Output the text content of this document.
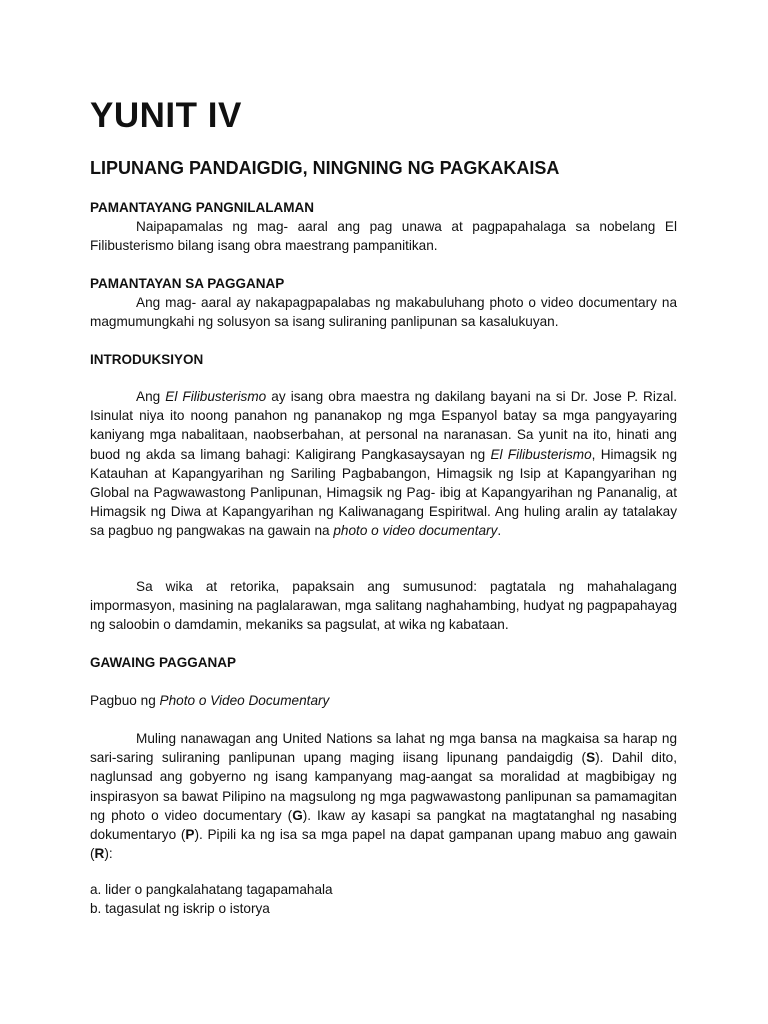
YUNIT IV
LIPUNANG PANDAIGDIG, NINGNING NG PAGKAKAISA
PAMANTAYANG PANGNILALAMAN

Naipapamalas ng mag- aaral ang pag unawa at pagpapahalaga sa nobelang El Filibusterismo bilang isang obra maestrang pampanitikan.

PAMANTAYAN SA PAGGANAP

Ang mag- aaral ay nakapagpapalabas ng makabuluhang photo o video documentary na magmumungkahi ng solusyon sa isang suliraning panlipunan sa kasalukuyan.

INTRODUKSIYON

Ang El Filibusterismo ay isang obra maestra ng dakilang bayani na si Dr. Jose P. Rizal. Isinulat niya ito noong panahon ng pananakop ng mga Espanyol batay sa mga pangyayaring kaniyang mga nabalitaan, naobserbahan, at personal na naranasan. Sa yunit na ito, hinati ang buod ng akda sa limang bahagi: Kaligirang Pangkasaysayan ng El Filibusterismo, Himagsik ng Katauhan at Kapangyarihan ng Sariling Pagbabangon, Himagsik ng Isip at Kapangyarihan ng Global na Pagwawastong Panlipunan, Himagsik ng Pag- ibig at Kapangyarihan ng Pananalig, at Himagsik ng Diwa at Kapangyarihan ng Kaliwanagang Espiritwal. Ang huling aralin ay tatalakay sa pagbuo ng pangwakas na gawain na photo o video documentary.

Sa wika at retorika, papaksain ang sumusunod: pagtatala ng mahahalagang impormasyon, masining na paglalarawan, mga salitang naghahambing, hudyat ng pagpapahayag ng saloobin o damdamin, mekaniks sa pagsulat, at wika ng kabataan.

GAWAING PAGGANAP

Pagbuo ng Photo o Video Documentary

Muling nanawagan ang United Nations sa lahat ng mga bansa na magkaisa sa harap ng sari-saring suliraning panlipunan upang maging iisang lipunang pandaigdig (S). Dahil dito, naglunsad ang gobyerno ng isang kampanyang mag-aangat sa moralidad at magbibigay ng inspirasyon sa bawat Pilipino na magsulong ng mga pagwawastong panlipunan sa pamamagitan ng photo o video documentary (G). Ikaw ay kasapi sa pangkat na magtatanghal ng nasabing dokumentaryo (P). Pipili ka ng isa sa mga papel na dapat gampanan upang mabuo ang gawain (R):

a. lider o pangkalahatang tagapamahala

b. tagasulat ng iskrip o istorya
